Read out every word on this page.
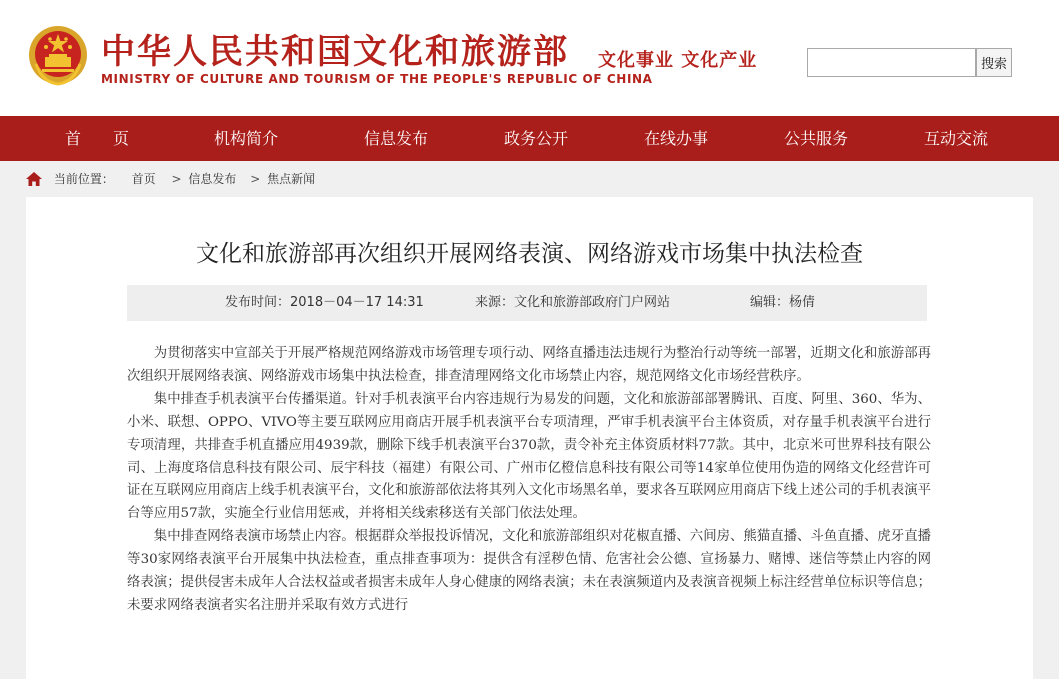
中华人民共和国文化和旅游部
MINISTRY OF CULTURE AND TOURISM OF THE PEOPLE'S REPUBLIC OF CHINA
文化事业 文化产业	搜索
首　　页	机构简介	信息发布	政务公开	在线办事	公共服务	互动交流
当前位置： 首页 > 信息发布 > 焦点新闻
文化和旅游部再次组织开展网络表演、网络游戏市场集中执法检查
发布时间：2018－04－17 14:31	来源：文化和旅游部政府门户网站	编辑：杨倩

为贯彻落实中宣部关于开展严格规范网络游戏市场管理专项行动、网络直播违法违规行为整治行动等统一部署，近期文化和旅游部再次组织开展网络表演、网络游戏市场集中执法检查，排查清理网络文化市场禁止内容，规范网络文化市场经营秩序。

集中排查手机表演平台传播渠道。针对手机表演平台内容违规行为易发的问题，文化和旅游部部署腾讯、百度、阿里、360、华为、小米、联想、OPPO、VIVO等主要互联网应用商店开展手机表演平台专项清理，严审手机表演平台主体资质，对存量手机表演平台进行专项清理，共排查手机直播应用4939款，删除下线手机表演平台370款，责令补充主体资质材料77款。其中，北京米可世界科技有限公司、上海度珞信息科技有限公司、辰宇科技（福建）有限公司、广州市亿橙信息科技有限公司等14家单位使用伪造的网络文化经营许可证在互联网应用商店上线手机表演平台，文化和旅游部依法将其列入文化市场黑名单，要求各互联网应用商店下线上述公司的手机表演平台等应用57款，实施全行业信用惩戒，并将相关线索移送有关部门依法处理。

集中排查网络表演市场禁止内容。根据群众举报投诉情况，文化和旅游部组织对花椒直播、六间房、熊猫直播、斗鱼直播、虎牙直播等30家网络表演平台开展集中执法检查，重点排查事项为：提供含有淫秽色情、危害社会公德、宣扬暴力、赌博、迷信等禁止内容的网络表演；提供侵害未成年人合法权益或者损害未成年人身心健康的网络表演；未在表演频道内及表演音视频上标注经营单位标识等信息；未要求网络表演者实名注册并采取有效方式进行
